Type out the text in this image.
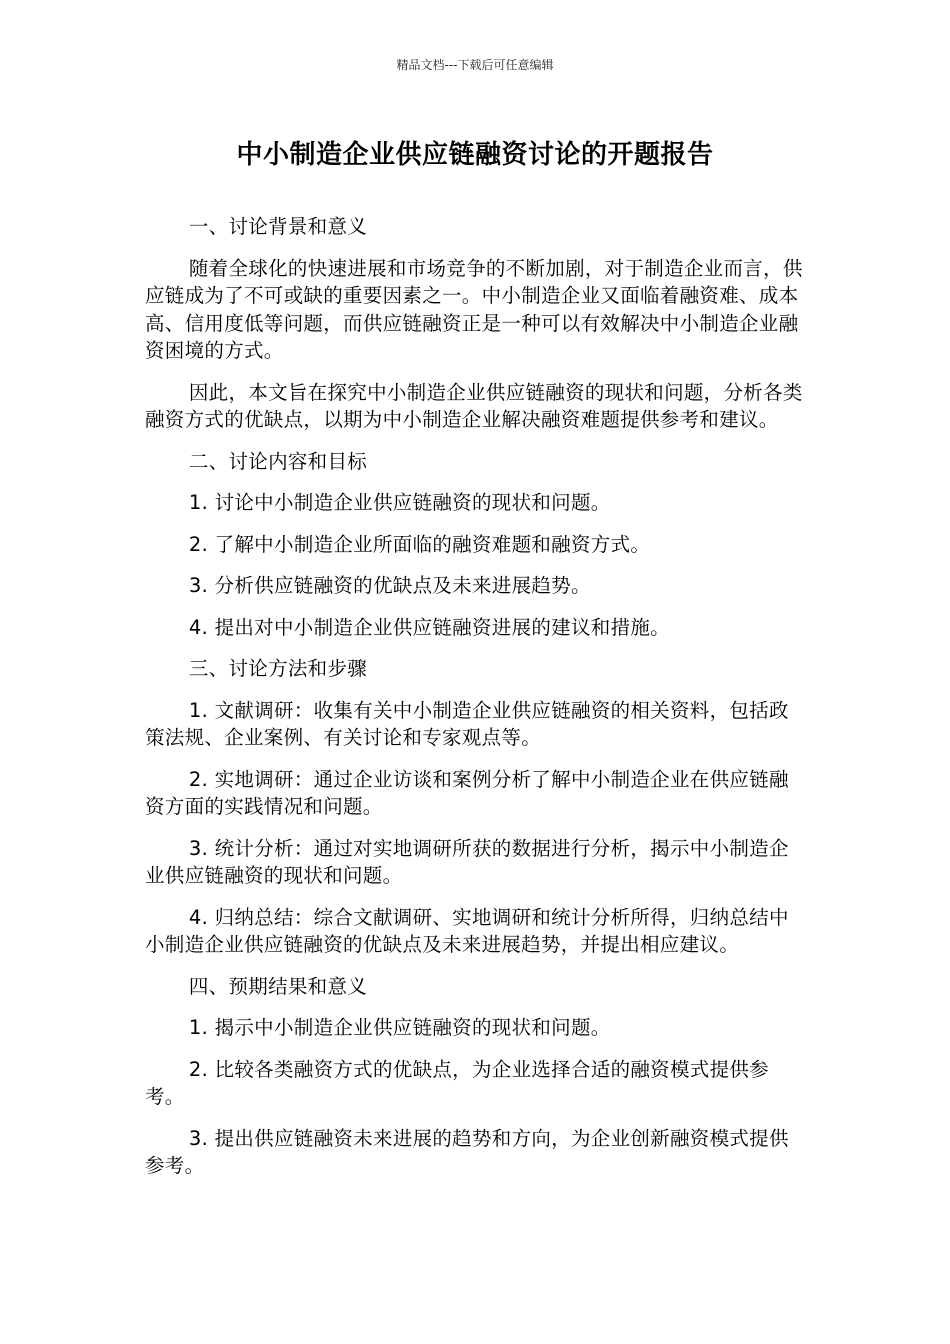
精品文档---下载后可任意编辑
中小制造企业供应链融资讨论的开题报告

一、讨论背景和意义

随着全球化的快速进展和市场竞争的不断加剧，对于制造企业而言，供应链成为了不可或缺的重要因素之一。中小制造企业又面临着融资难、成本高、信用度低等问题，而供应链融资正是一种可以有效解决中小制造企业融资困境的方式。

因此，本文旨在探究中小制造企业供应链融资的现状和问题，分析各类融资方式的优缺点，以期为中小制造企业解决融资难题提供参考和建议。

二、讨论内容和目标

1. 讨论中小制造企业供应链融资的现状和问题。

2. 了解中小制造企业所面临的融资难题和融资方式。

3. 分析供应链融资的优缺点及未来进展趋势。

4. 提出对中小制造企业供应链融资进展的建议和措施。

三、讨论方法和步骤

1. 文献调研：收集有关中小制造企业供应链融资的相关资料，包括政策法规、企业案例、有关讨论和专家观点等。

2. 实地调研：通过企业访谈和案例分析了解中小制造企业在供应链融资方面的实践情况和问题。

3. 统计分析：通过对实地调研所获的数据进行分析，揭示中小制造企业供应链融资的现状和问题。

4. 归纳总结：综合文献调研、实地调研和统计分析所得，归纳总结中小制造企业供应链融资的优缺点及未来进展趋势，并提出相应建议。

四、预期结果和意义

1. 揭示中小制造企业供应链融资的现状和问题。

2. 比较各类融资方式的优缺点，为企业选择合适的融资模式提供参考。

3. 提出供应链融资未来进展的趋势和方向，为企业创新融资模式提供参考。
